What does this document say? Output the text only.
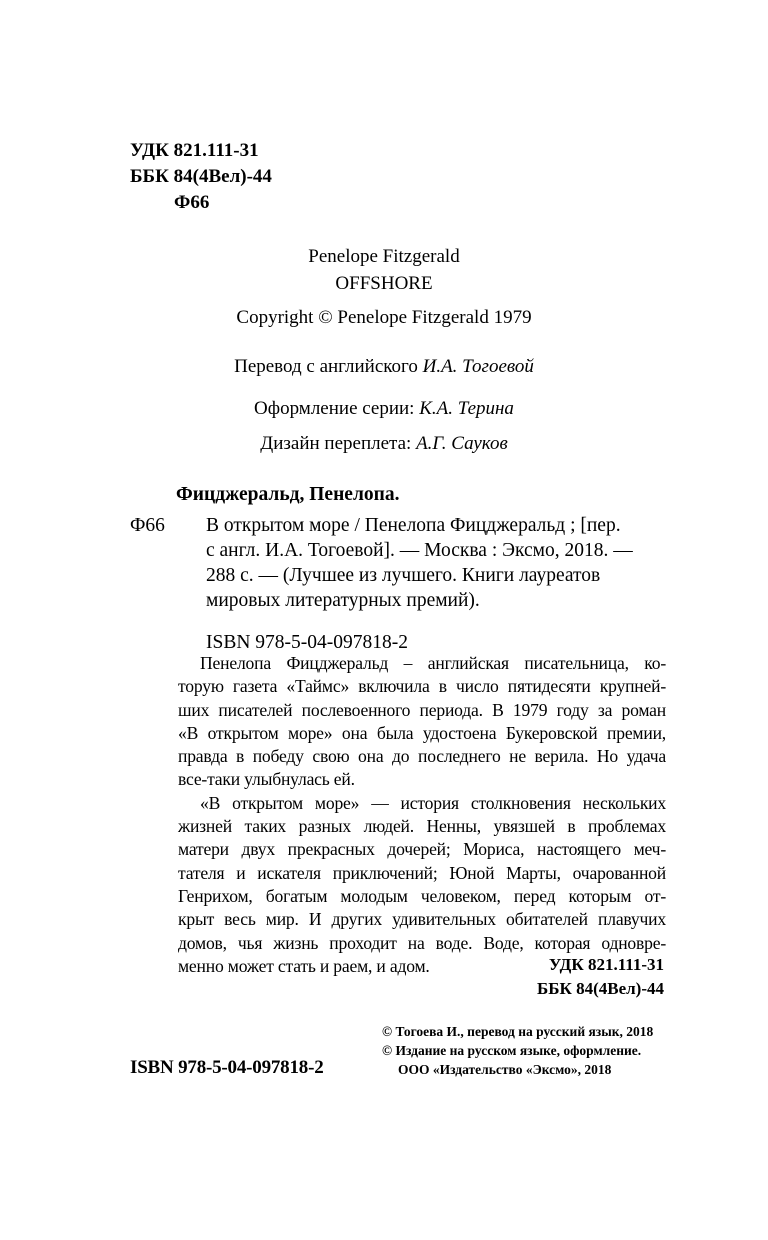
УДК 821.111-31
ББК 84(4Вел)-44
Ф66
Penelope Fitzgerald
OFFSHORE
Copyright © Penelope Fitzgerald 1979
Перевод с английского И.А. Тогоевой
Оформление серии: К.А. Терина
Дизайн переплета: А.Г. Сауков
Фицджеральд, Пенелопа.
Ф66	В открытом море / Пенелопа Фицджеральд ; [пер.
с англ. И.А. Тогоевой]. — Москва : Эксмо, 2018. —
288 с. — (Лучшее из лучшего. Книги лауреатов
мировых литературных премий).
ISBN 978-5-04-097818-2
Пенелопа Фицджеральд – английская писательница, ко-
торую газета «Таймс» включила в число пятидесяти крупней-
ших писателей послевоенного периода. В 1979 году за роман
«В открытом море» она была удостоена Букеровской премии,
правда в победу свою она до последнего не верила. Но удача
все-таки улыбнулась ей.
«В открытом море» — история столкновения нескольких
жизней таких разных людей. Ненны, увязшей в проблемах
матери двух прекрасных дочерей; Мориса, настоящего меч-
тателя и искателя приключений; Юной Марты, очарованной
Генрихом, богатым молодым человеком, перед которым от-
крыт весь мир. И других удивительных обитателей плавучих
домов, чья жизнь проходит на воде. Воде, которая одновре-
менно может стать и раем, и адом.	УДК 821.111-31
ББК 84(4Вел)-44
© Тогоева И., перевод на русский язык, 2018
© Издание на русском языке, оформление.
ООО «Издательство «Эксмо», 2018
ISBN 978-5-04-097818-2
